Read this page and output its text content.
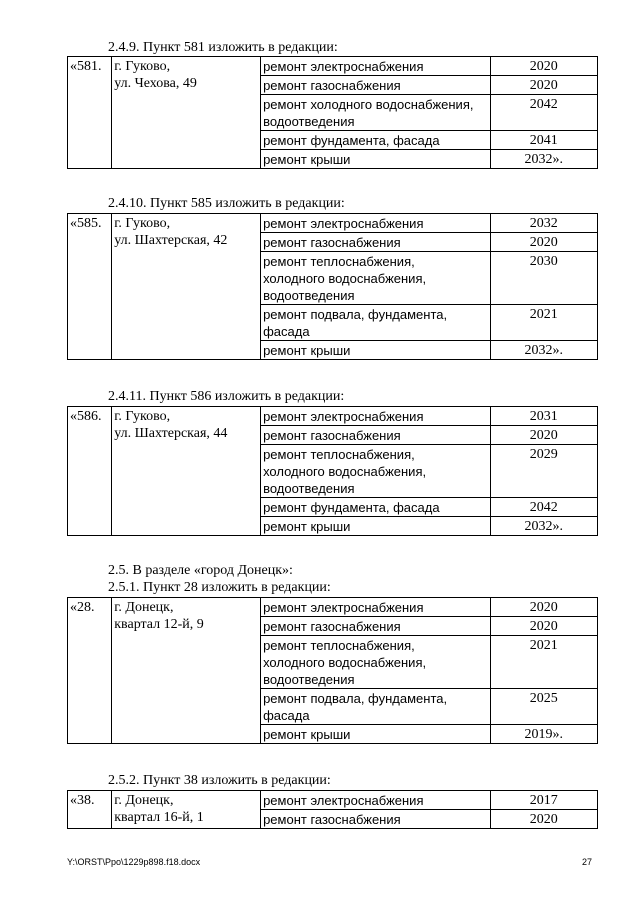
2.4.9. Пункт 581 изложить в редакции:
«581.	г. Гуково,
ул. Чехова, 49	ремонт электроснабжения	2020

		ремонт газоснабжения	2020

		ремонт холодного водоснабжения,
водоотведения	2042

		ремонт фундамента, фасада	2041

		ремонт крыши	2032».
2.4.10. Пункт 585 изложить в редакции:
«585.	г. Гуково,
ул. Шахтерская, 42	ремонт электроснабжения	2032

		ремонт газоснабжения	2020

		ремонт теплоснабжения,
холодного водоснабжения,
водоотведения	2030

		ремонт подвала, фундамента,
фасада	2021

		ремонт крыши	2032».
2.4.11. Пункт 586 изложить в редакции:
«586.	г. Гуково,
ул. Шахтерская, 44	ремонт электроснабжения	2031

		ремонт газоснабжения	2020

		ремонт теплоснабжения,
холодного водоснабжения,
водоотведения	2029

		ремонт фундамента, фасада	2042

		ремонт крыши	2032».
2.5. В разделе «город Донецк»:
2.5.1. Пункт 28 изложить в редакции:
«28.	г. Донецк,
квартал 12-й, 9	ремонт электроснабжения	2020

		ремонт газоснабжения	2020

		ремонт теплоснабжения,
холодного водоснабжения,
водоотведения	2021

		ремонт подвала, фундамента,
фасада	2025

		ремонт крыши	2019».
2.5.2. Пункт 38 изложить в редакции:
«38.	г. Донецк,
квартал 16-й, 1	ремонт электроснабжения	2017

		ремонт газоснабжения	2020
Y:\ORST\Ppo\1229p898.f18.docx	27
